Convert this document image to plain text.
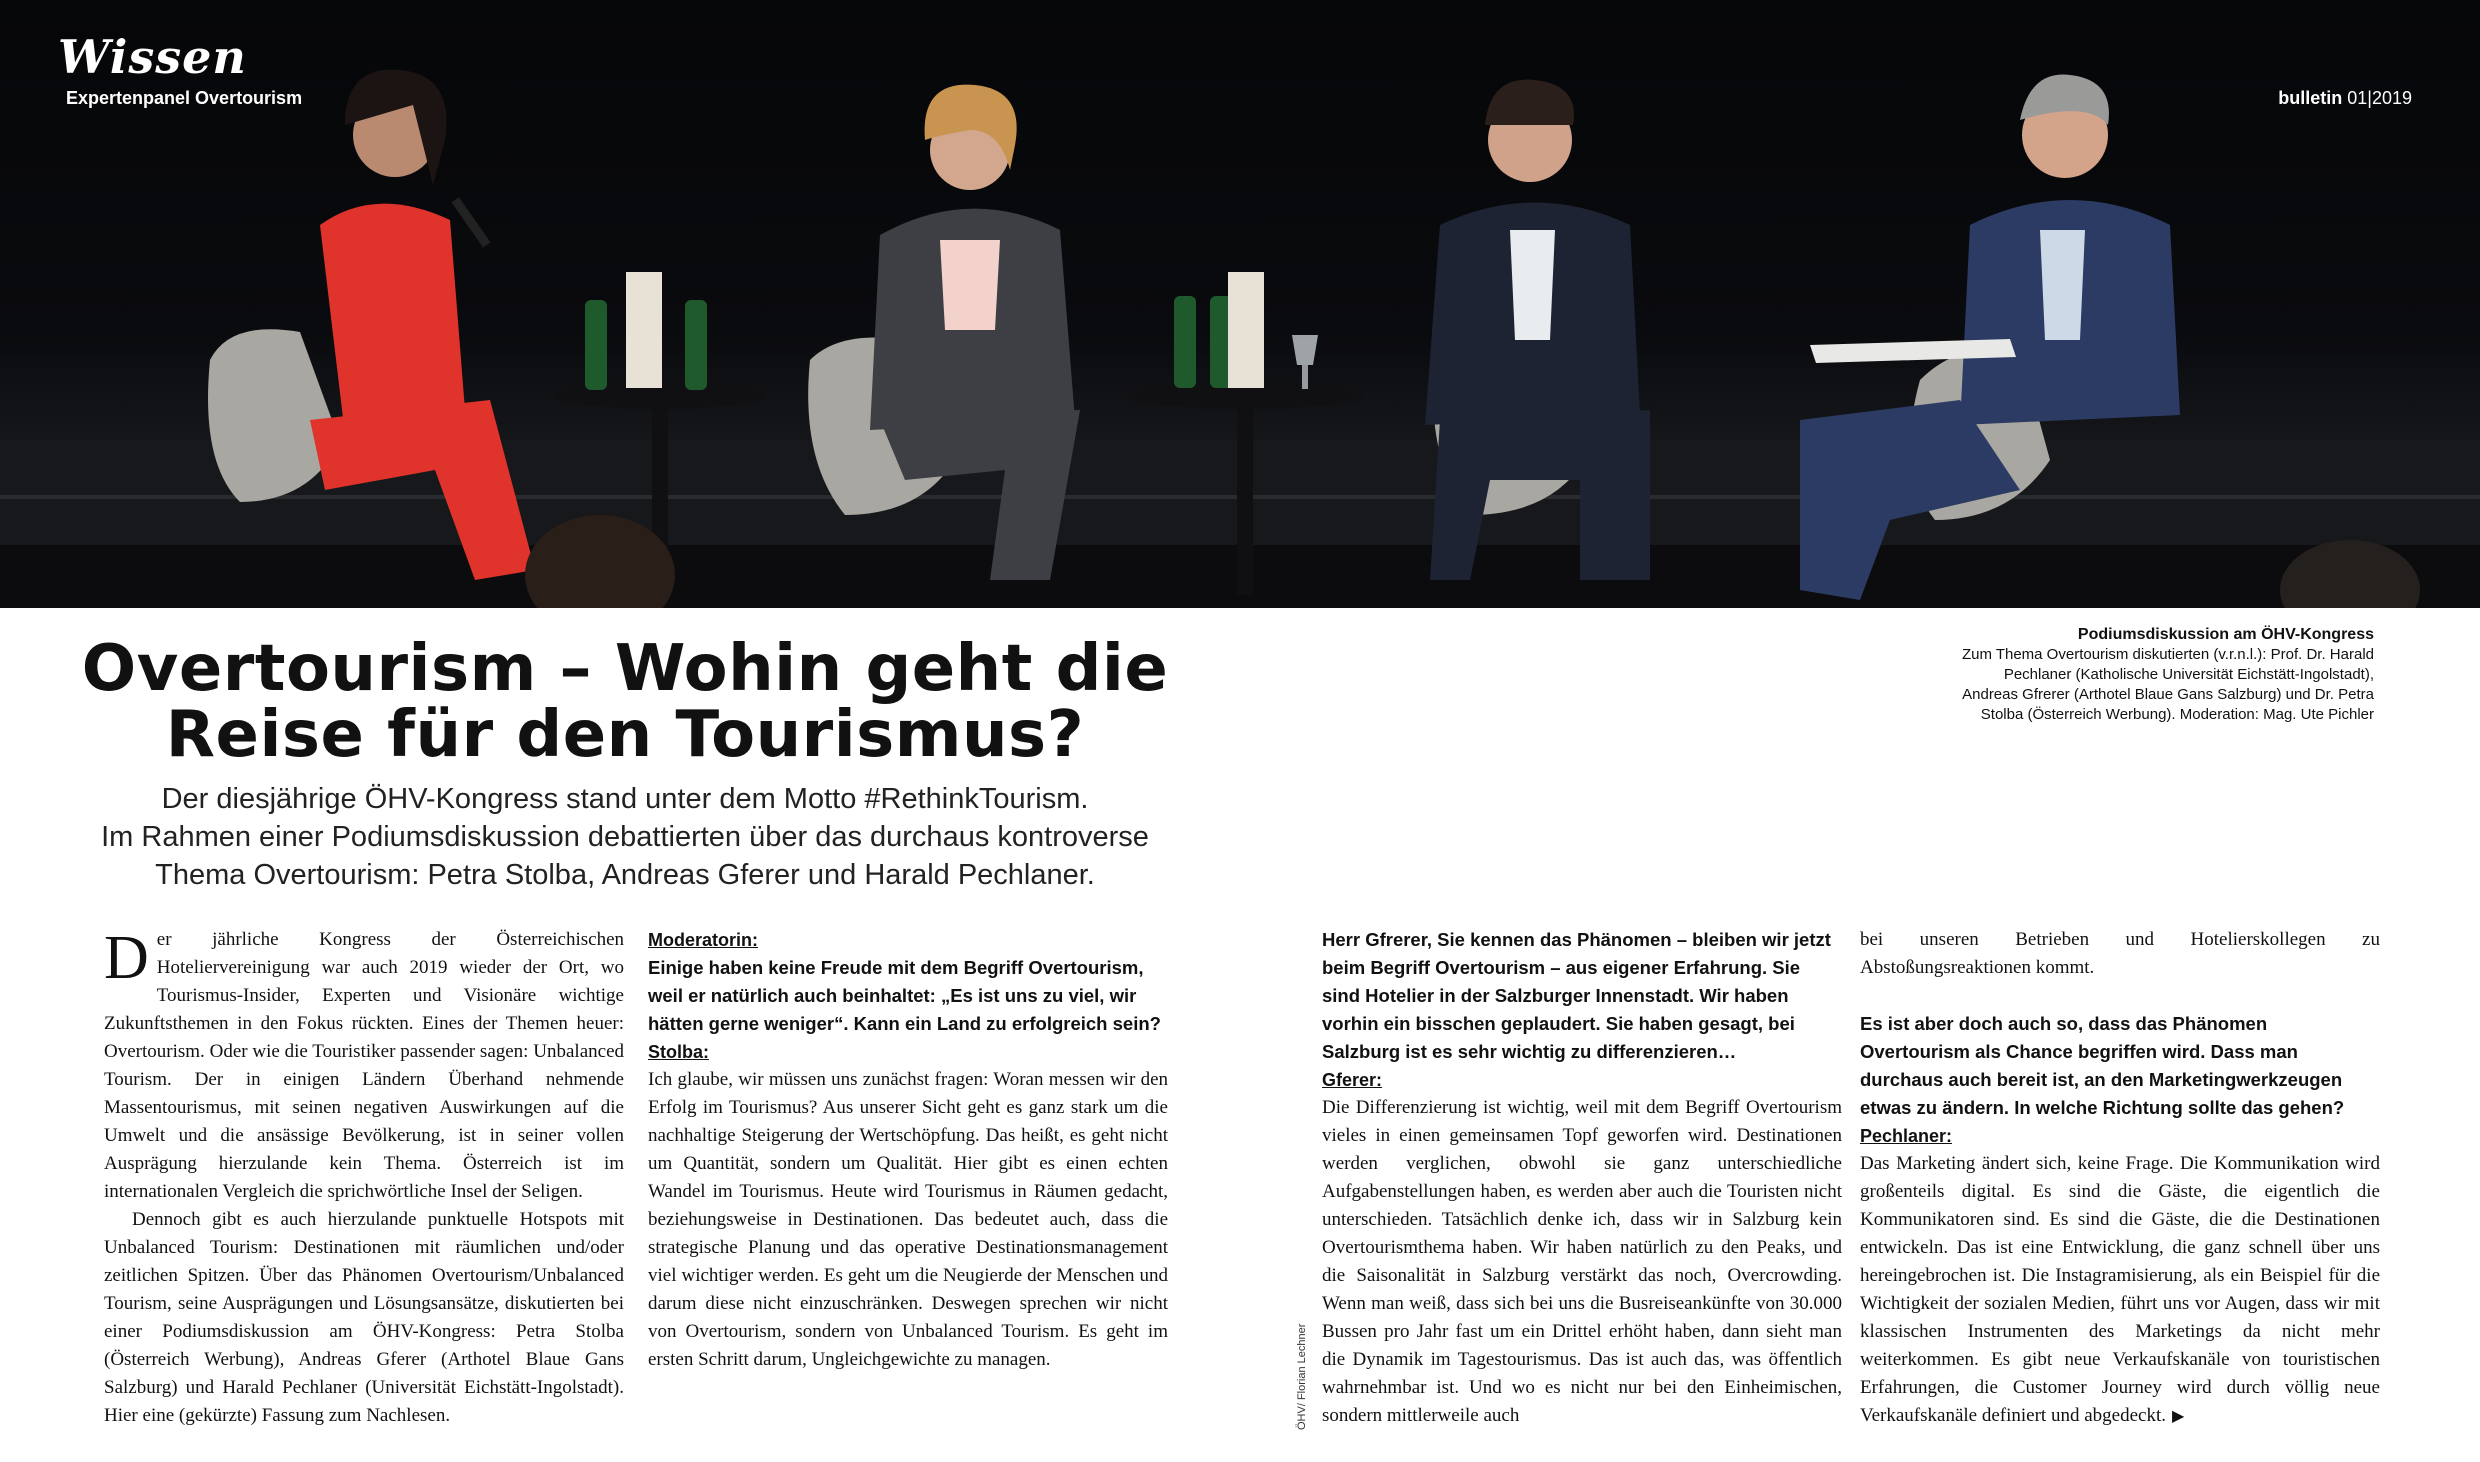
Wissen
Expertenpanel Overtourism	bulletin 01|2019
Podiumsdiskussion am ÖHV-Kongress
Zum Thema Overtourism diskutierten (v.r.n.l.): Prof. Dr. Harald Pechlaner (Katholische Universität Eichstätt-Ingolstadt), Andreas Gfrerer (Arthotel Blaue Gans Salzburg) und Dr. Petra Stolba (Österreich Werbung). Moderation: Mag. Ute Pichler
Overtourism – Wohin geht die
Reise für den Tourismus?
Der diesjährige ÖHV-Kongress stand unter dem Motto #RethinkTourism.
Im Rahmen einer Podiumsdiskussion debattierten über das durchaus kontroverse
Thema Overtourism: Petra Stolba, Andreas Gferer und Harald Pechlaner.

Der jährliche Kongress der Österreichischen Hoteliervereinigung war auch 2019 wieder der Ort, wo Tourismus-Insider, Experten und Visionäre wichtige Zukunftsthemen in den Fokus rückten. Eines der Themen heuer: Overtourism. Oder wie die Touristiker passender sagen: Unbalanced Tourism. Der in einigen Ländern Überhand nehmende Massentourismus, mit seinen negativen Auswirkungen auf die Umwelt und die ansässige Bevölkerung, ist in seiner vollen Ausprägung hierzulande kein Thema. Österreich ist im internationalen Vergleich die sprichwörtliche Insel der Seligen.

Dennoch gibt es auch hierzulande punktuelle Hotspots mit Unbalanced Tourism: Destinationen mit räumlichen und/oder zeitlichen Spitzen. Über das Phänomen Overtourism/Unbalanced Tourism, seine Ausprägungen und Lösungsansätze, diskutierten bei einer Podiumsdiskussion am ÖHV-Kongress: Petra Stolba (Österreich Werbung), Andreas Gferer (Arthotel Blaue Gans Salzburg) und Harald Pechlaner (Universität Eichstätt-Ingolstadt). Hier eine (gekürzte) Fassung zum Nachlesen.

Moderatorin:

Einige haben keine Freude mit dem Begriff Overtourism, weil er natürlich auch beinhaltet: „Es ist uns zu viel, wir hätten gerne weniger“. Kann ein Land zu erfolgreich sein?

Stolba:

Ich glaube, wir müssen uns zunächst fragen: Woran messen wir den Erfolg im Tourismus? Aus unserer Sicht geht es ganz stark um die nachhaltige Steigerung der Wertschöpfung. Das heißt, es geht nicht um Quantität, sondern um Qualität. Hier gibt es einen echten Wandel im Tourismus. Heute wird Tourismus in Räumen gedacht, beziehungsweise in Destinationen. Das bedeutet auch, dass die strategische Planung und das operative Destinationsmanagement viel wichtiger werden. Es geht um die Neugierde der Menschen und darum diese nicht einzuschränken. Deswegen sprechen wir nicht von Overtourism, sondern von Unbalanced Tourism. Es geht im ersten Schritt darum, Ungleichgewichte zu managen.

Herr Gfrerer, Sie kennen das Phänomen – bleiben wir jetzt beim Begriff Overtourism – aus eigener Erfahrung. Sie sind Hotelier in der Salzburger Innenstadt. Wir haben vorhin ein bisschen geplaudert. Sie haben gesagt, bei Salzburg ist es sehr wichtig zu differenzieren…

Gferer:

Die Differenzierung ist wichtig, weil mit dem Begriff Overtourism vieles in einen gemeinsamen Topf geworfen wird. Destinationen werden verglichen, obwohl sie ganz unterschiedliche Aufgabenstellungen haben, es werden aber auch die Touristen nicht unterschieden. Tatsächlich denke ich, dass wir in Salzburg kein Overtourismthema haben. Wir haben natürlich zu den Peaks, und die Saisonalität in Salzburg verstärkt das noch, Overcrowding. Wenn man weiß, dass sich bei uns die Busreiseankünfte von 30.000 Bussen pro Jahr fast um ein Drittel erhöht haben, dann sieht man die Dynamik im Tagestourismus. Das ist auch das, was öffentlich wahrnehmbar ist. Und wo es nicht nur bei den Einheimischen, sondern mittlerweile auch

bei unseren Betrieben und Hotelierskollegen zu Abstoßungsreaktionen kommt.

Es ist aber doch auch so, dass das Phänomen Overtourism als Chance begriffen wird. Dass man durchaus auch bereit ist, an den Marketingwerkzeugen etwas zu ändern. In welche Richtung sollte das gehen?

Pechlaner:

Das Marketing ändert sich, keine Frage. Die Kommunikation wird großenteils digital. Es sind die Gäste, die eigentlich die Kommunikatoren sind. Es sind die Gäste, die die Destinationen entwickeln. Das ist eine Entwicklung, die ganz schnell über uns hereingebrochen ist. Die Instagramisierung, als ein Beispiel für die Wichtigkeit der sozialen Medien, führt uns vor Augen, dass wir mit klassischen Instrumenten des Marketings da nicht mehr weiterkommen. Es gibt neue Verkaufskanäle von touristischen Erfahrungen, die Customer Journey wird durch völlig neue Verkaufskanäle definiert und abgedeckt. ▶

ÖHV/ Florian Lechner
